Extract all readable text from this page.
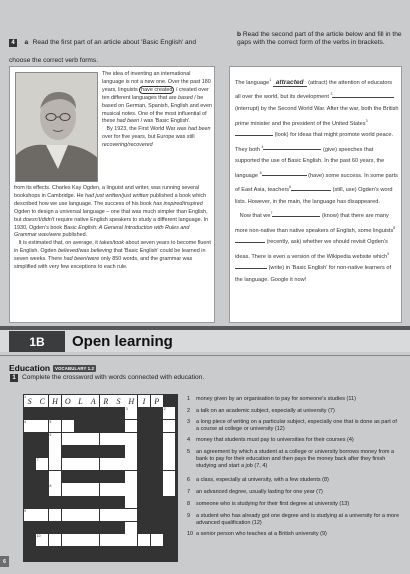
4 a Read the first part of an article about 'Basic English' and choose the correct verb forms.
b Read the second part of the article below and fill in the gaps with the correct form of the verbs in brackets.
The idea of inventing an international language is not a new one. Over the past 180 years, linguists have created / created over ten different languages that are based / be based on German, Spanish, English and even musical notes. One of the most influential of these had been / was 'Basic English'.
By 1923, the First World War was had been over for five years, but Europe was still recovering/recovered
from its effects. Charles Kay Ogden, a linguist and writer, was running several bookshops in Cambridge. He had just written/just written published a book which described how we use language. The success of his book has inspired/inspired Ogden to design a universal language – one that was much simpler than English, but doesn't/didn't require native English speakers to study a different language. In 1930, Ogden's book Basic English: A General Introduction with Rules and Grammar was/were published.
It is estimated that, on average, it takes/took about seven years to become fluent in English. Ogden believed/was believing that 'Basic English' could be learned in seven weeks. There had been/were only 850 words, and the grammar was simplified with very few exceptions to each rule.
The language$^1$ attracted (attract) the attention of educators all over the world, but its development $^2$ (interrupt) by the Second World War. After the war, both the British prime minister and the president of the United States$^3$ (look) for ideas that might promote world peace. They both $^4$	(give) speeches that supported the use of Basic English. In the past 60 years, the language $^5$	(have) some success. In some parts of East Asia, teachers$^6$	(still, use) Ogden's word lists. However, in the main, the language has disappeared.
Now that $we^7$	(know) that there are many more non-native than native speakers of English, some linguists$^8$ (recently, ask) whether we should revisit Ogden's ideas. There is even a version of the Wikipedia website which$^9$ (write) in 'Basic English' for non-native learners of the language. Google it now!
1B	Open learning
Education	VOCABULARY 1.2
1 Complete the crossword with words connected with education.
1 S	C H O L	A R	S H	I	P
2
3
4	5
6
7
8
9
10
1	money given by an organisation to pay for someone's studies (11)
2	a talk on an academic subject, especially at university (7)
3	a long piece of writing on a particular subject, especially one that is done as part of a course at college or university (12)
4	money that students must pay to universities for their courses (4)
5	an agreement by which a student at a college or university borrows money from a bank to pay for their education and then pays the money back after they finish studying and start a job (7, 4)
6	a class, especially at university, with a few students (8)
7	an advanced degree, usually lasting for one year (7)
8	someone who is studying for their first degree at university (13)
9	a student who has already got one degree and is studying at a university for a more advanced qualification (12)
10 a senior person who teaches at a British university (9)
6
